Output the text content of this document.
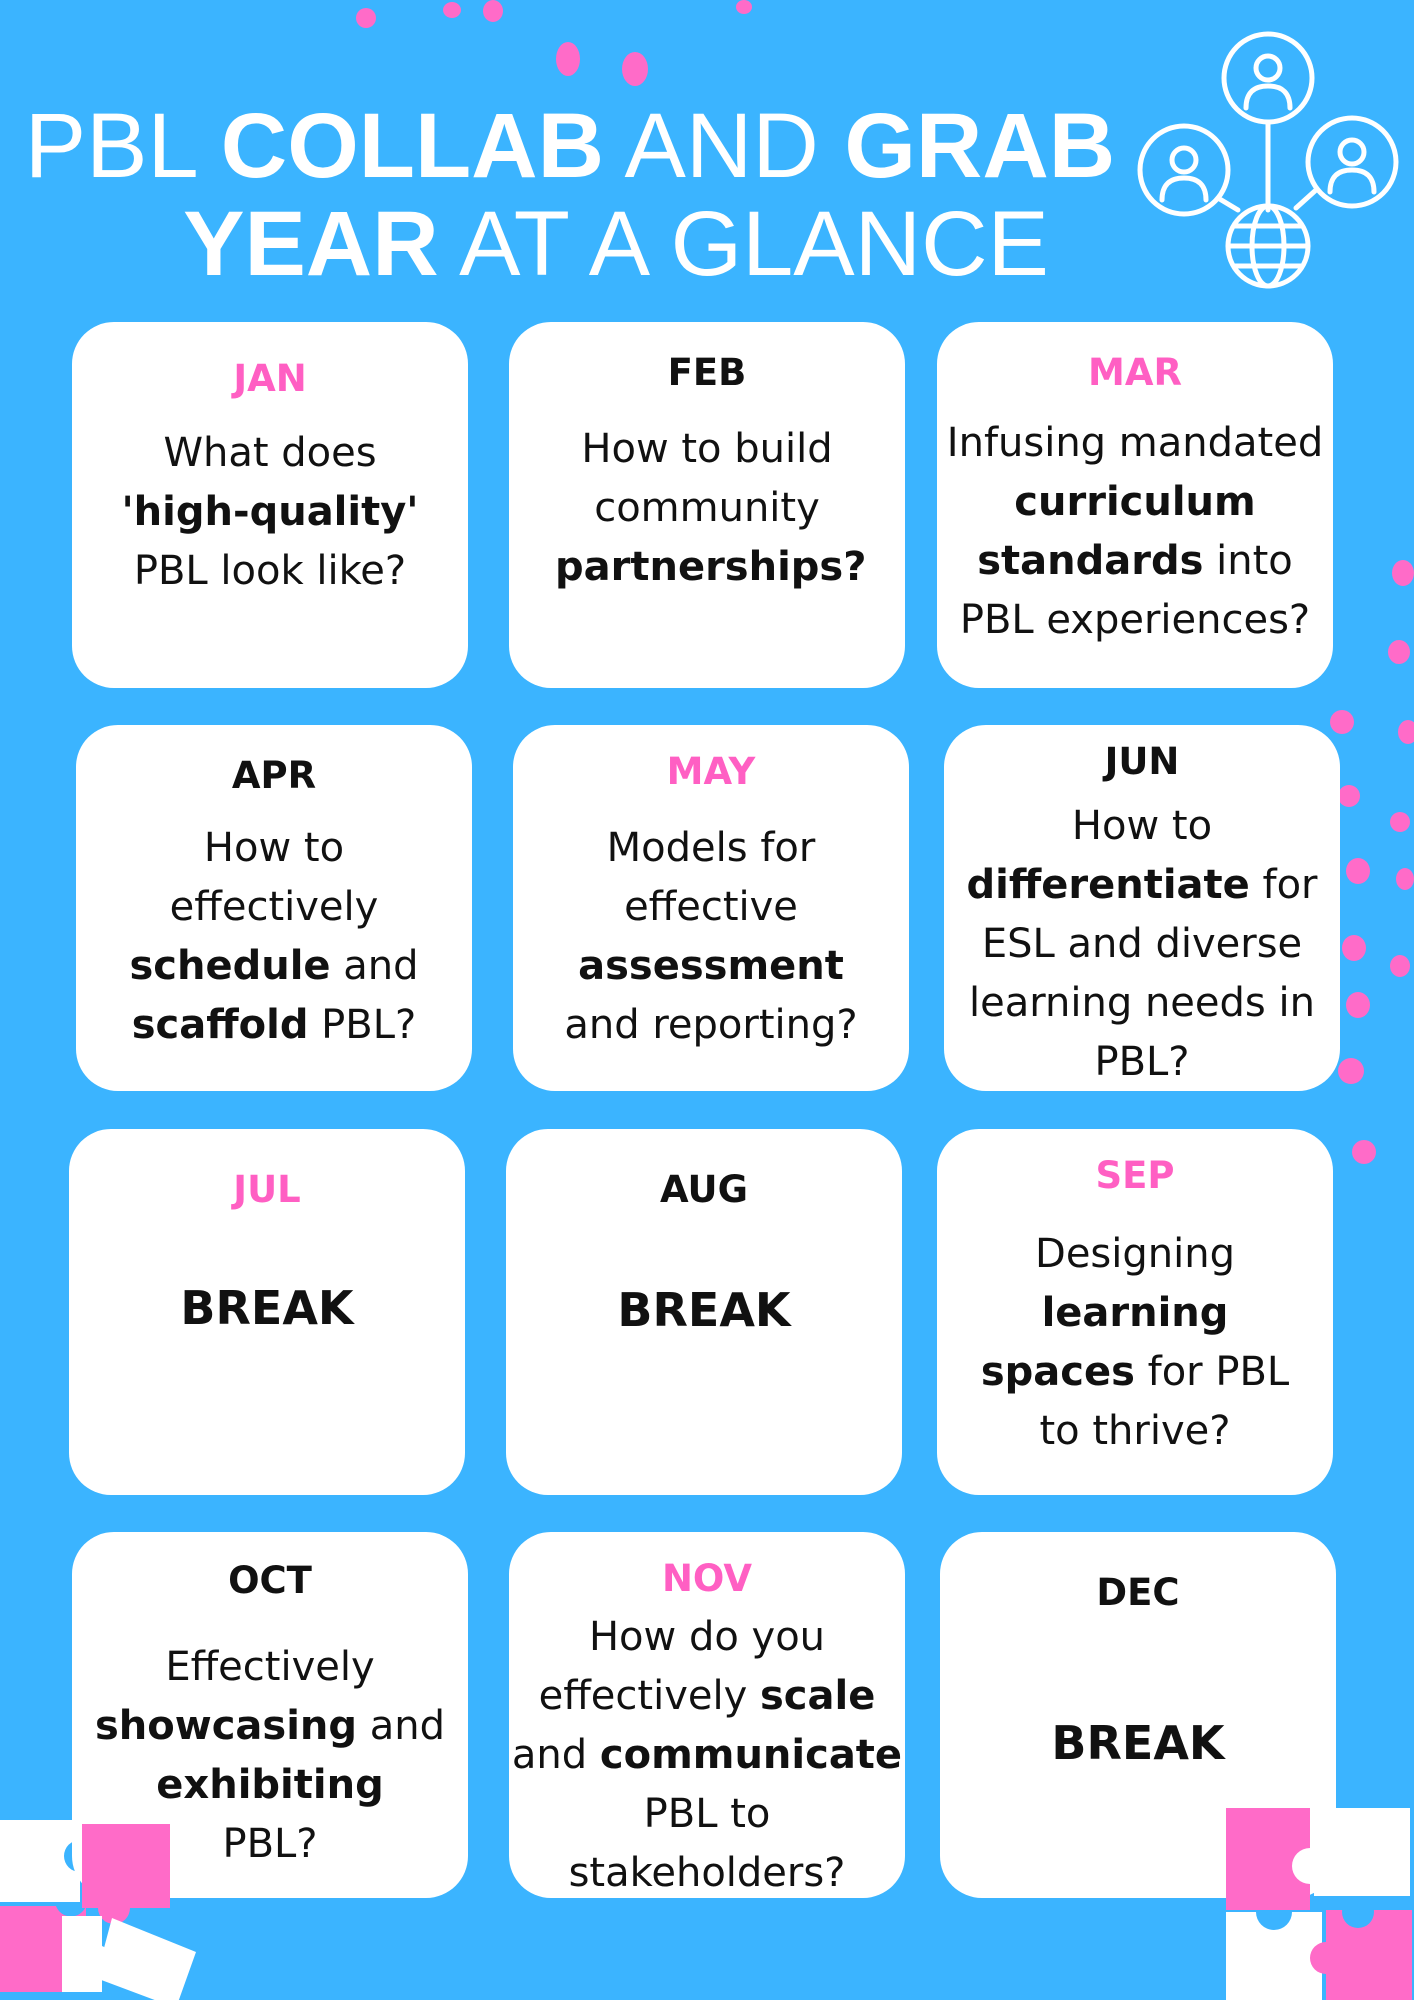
PBL COLLAB AND GRAB
YEAR AT A GLANCE
JAN
What does
'high-quality'
PBL look like?
FEB
How to build community partnerships?
MAR
Infusing mandated curriculum standards into PBL experiences?
APR
How to effectively schedule and scaffold PBL?
MAY
Models for effective assessment and reporting?
JUN
How to differentiate for ESL and diverse learning needs in PBL?
JUL
BREAK
AUG
BREAK
SEP
Designing learning spaces for PBL to thrive?
OCT
Effectively
showcasing and
exhibiting
PBL?
NOV
How do you effectively scale
and communicate PBL to stakeholders?
DEC
BREAK
